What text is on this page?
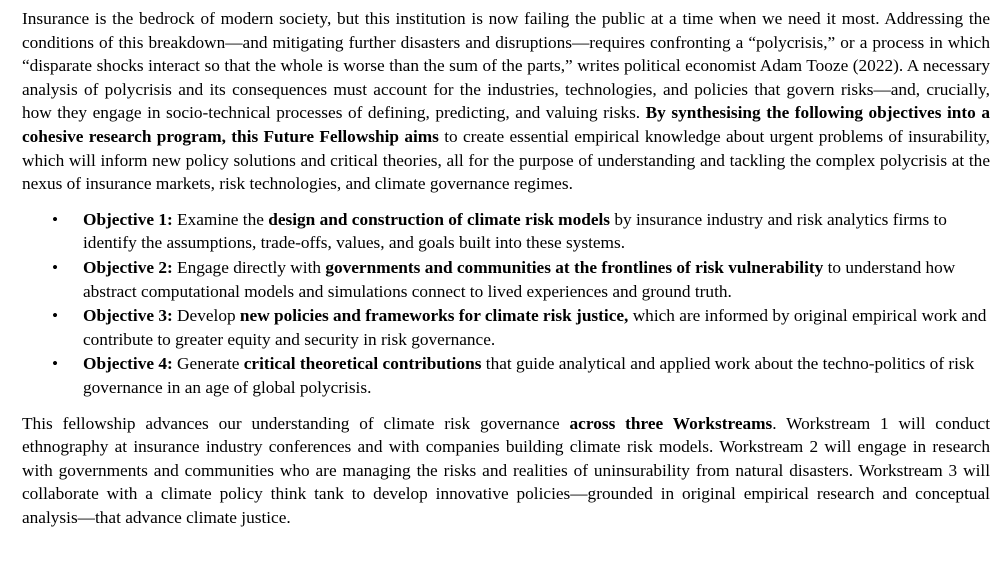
Insurance is the bedrock of modern society, but this institution is now failing the public at a time when we need it most. Addressing the conditions of this breakdown—and mitigating further disasters and disruptions—requires confronting a “polycrisis,” or a process in which “disparate shocks interact so that the whole is worse than the sum of the parts,” writes political economist Adam Tooze (2022). A necessary analysis of polycrisis and its consequences must account for the industries, technologies, and policies that govern risks—and, crucially, how they engage in socio-technical processes of defining, predicting, and valuing risks. By synthesising the following objectives into a cohesive research program, this Future Fellowship aims to create essential empirical knowledge about urgent problems of insurability, which will inform new policy solutions and critical theories, all for the purpose of understanding and tackling the complex polycrisis at the nexus of insurance markets, risk technologies, and climate governance regimes.

• Objective 1: Examine the design and construction of climate risk models by insurance industry and risk analytics firms to identify the assumptions, trade-offs, values, and goals built into these systems.
• Objective 2: Engage directly with governments and communities at the frontlines of risk vulnerability to understand how abstract computational models and simulations connect to lived experiences and ground truth.
• Objective 3: Develop new policies and frameworks for climate risk justice, which are informed by original empirical work and contribute to greater equity and security in risk governance.
• Objective 4: Generate critical theoretical contributions that guide analytical and applied work about the techno-politics of risk governance in an age of global polycrisis.

This fellowship advances our understanding of climate risk governance across three Workstreams. Workstream 1 will conduct ethnography at insurance industry conferences and with companies building climate risk models. Workstream 2 will engage in research with governments and communities who are managing the risks and realities of uninsurability from natural disasters. Workstream 3 will collaborate with a climate policy think tank to develop innovative policies—grounded in original empirical research and conceptual analysis—that advance climate justice.
